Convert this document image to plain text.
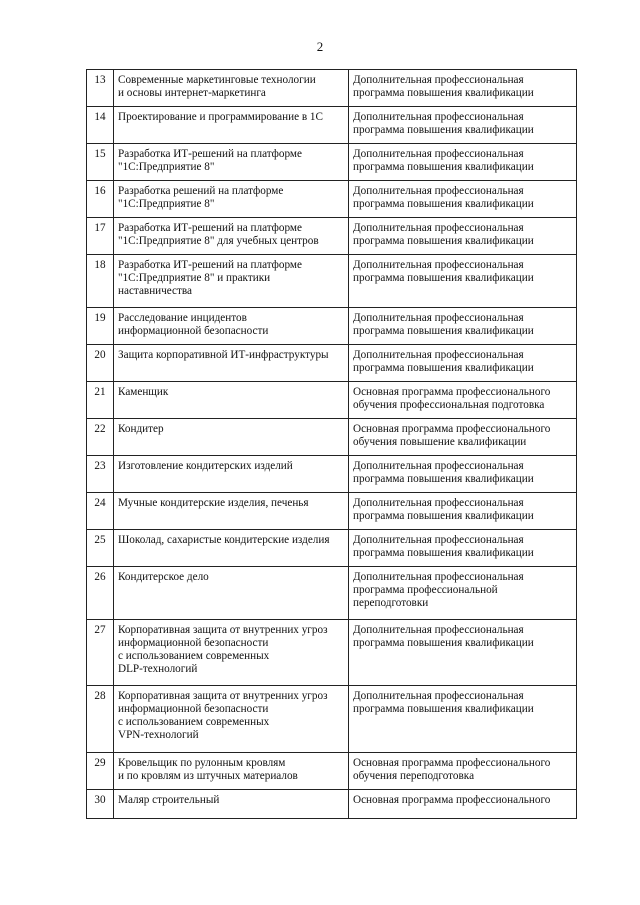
2
13	Современные маркетинговые технологии
и основы интернет-маркетинга	Дополнительная профессиональная
программа повышения квалификации
14	Проектирование и программирование в 1С	Дополнительная профессиональная
программа повышения квалификации
15	Разработка ИТ-решений на платформе
"1С:Предприятие 8"	Дополнительная профессиональная
программа повышения квалификации
16	Разработка решений на платформе
"1С:Предприятие 8"	Дополнительная профессиональная
программа повышения квалификации
17	Разработка ИТ-решений на платформе
"1С:Предприятие 8" для учебных центров	Дополнительная профессиональная
программа повышения квалификации
18	Разработка ИТ-решений на платформе
"1С:Предприятие 8" и практики
наставничества	Дополнительная профессиональная
программа повышения квалификации
19	Расследование инцидентов
информационной безопасности	Дополнительная профессиональная
программа повышения квалификации
20	Защита корпоративной ИТ-инфраструктуры	Дополнительная профессиональная
программа повышения квалификации
21	Каменщик	Основная программа профессионального
обучения профессиональная подготовка
22	Кондитер	Основная программа профессионального
обучения повышение квалификации
23	Изготовление кондитерских изделий	Дополнительная профессиональная
программа повышения квалификации
24	Мучные кондитерские изделия, печенья	Дополнительная профессиональная
программа повышения квалификации
25	Шоколад, сахаристые кондитерские изделия	Дополнительная профессиональная
программа повышения квалификации
26	Кондитерское дело	Дополнительная профессиональная
программа профессиональной
переподготовки
27	Корпоративная защита от внутренних угроз
информационной безопасности
с использованием современных
DLP-технологий	Дополнительная профессиональная
программа повышения квалификации
28	Корпоративная защита от внутренних угроз
информационной безопасности
с использованием современных
VPN-технологий	Дополнительная профессиональная
программа повышения квалификации
29	Кровельщик по рулонным кровлям
и по кровлям из штучных материалов	Основная программа профессионального
обучения переподготовка
30	Маляр строительный	Основная программа профессионального
